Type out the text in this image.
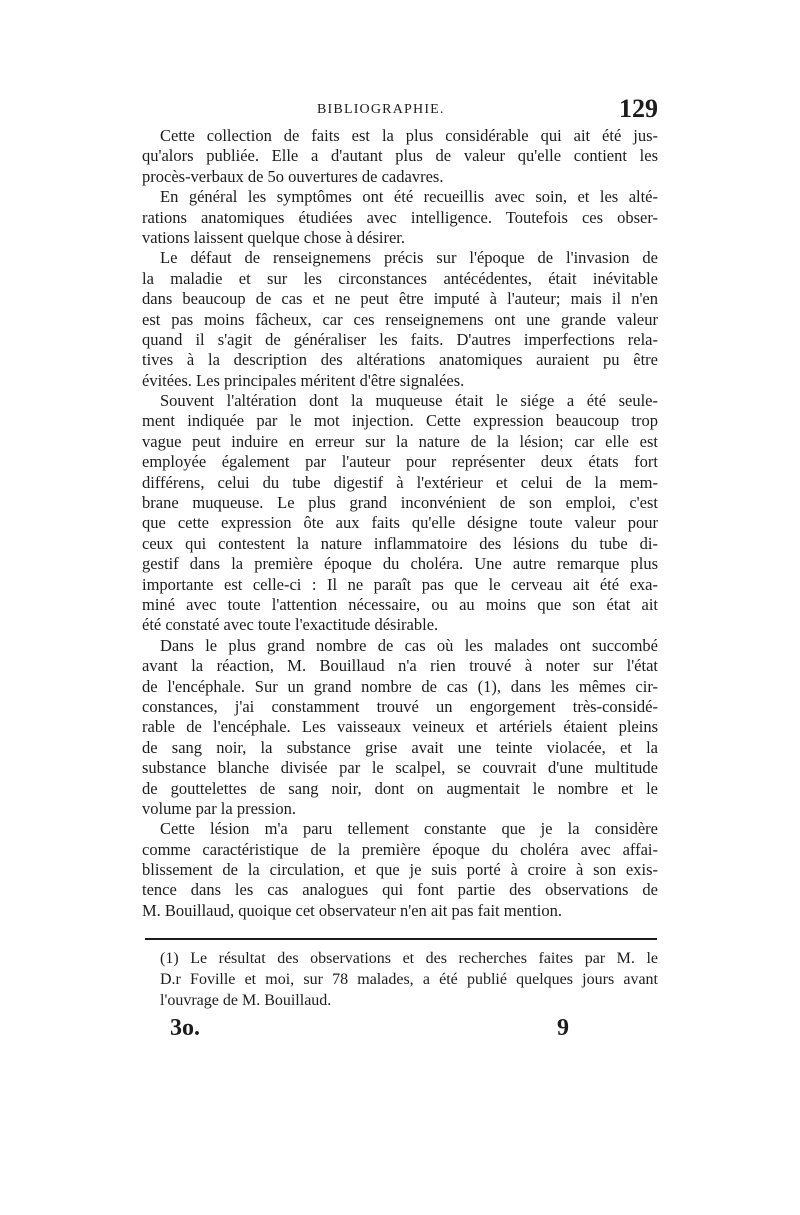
BIBLIOGRAPHIE.	129
Cette collection de faits est la plus considérable qui ait été jus-
qu'alors publiée. Elle a d'autant plus de valeur qu'elle contient les
procès-verbaux de 5o ouvertures de cadavres.
En général les symptômes ont été recueillis avec soin, et les alté-
rations anatomiques étudiées avec intelligence. Toutefois ces obser-
vations laissent quelque chose à désirer.
Le défaut de renseignemens précis sur l'époque de l'invasion de
la maladie et sur les circonstances antécédentes, était inévitable
dans beaucoup de cas et ne peut être imputé à l'auteur; mais il n'en
est pas moins fâcheux, car ces renseignemens ont une grande valeur
quand il s'agit de généraliser les faits. D'autres imperfections rela-
tives à la description des altérations anatomiques auraient pu être
évitées. Les principales méritent d'être signalées.
Souvent l'altération dont la muqueuse était le siége a été seule-
ment indiquée par le mot injection. Cette expression beaucoup trop
vague peut induire en erreur sur la nature de la lésion; car elle est
employée également par l'auteur pour représenter deux états fort
différens, celui du tube digestif à l'extérieur et celui de la mem-
brane muqueuse. Le plus grand inconvénient de son emploi, c'est
que cette expression ôte aux faits qu'elle désigne toute valeur pour
ceux qui contestent la nature inflammatoire des lésions du tube di-
gestif dans la première époque du choléra. Une autre remarque plus
importante est celle-ci : Il ne paraît pas que le cerveau ait été exa-
miné avec toute l'attention nécessaire, ou au moins que son état ait
été constaté avec toute l'exactitude désirable.
Dans le plus grand nombre de cas où les malades ont succombé
avant la réaction, M. Bouillaud n'a rien trouvé à noter sur l'état
de l'encéphale. Sur un grand nombre de cas (1), dans les mêmes cir-
constances, j'ai constamment trouvé un engorgement très-considé-
rable de l'encéphale. Les vaisseaux veineux et artériels étaient pleins
de sang noir, la substance grise avait une teinte violacée, et la
substance blanche divisée par le scalpel, se couvrait d'une multitude
de gouttelettes de sang noir, dont on augmentait le nombre et le
volume par la pression.
Cette lésion m'a paru tellement constante que je la considère
comme caractéristique de la première époque du choléra avec affai-
blissement de la circulation, et que je suis porté à croire à son exis-
tence dans les cas analogues qui font partie des observations de
M. Bouillaud, quoique cet observateur n'en ait pas fait mention.
(1) Le résultat des observations et des recherches faites par M. le
D.r Foville et moi, sur 78 malades, a été publié quelques jours avant
l'ouvrage de M. Bouillaud.
3o.	9
